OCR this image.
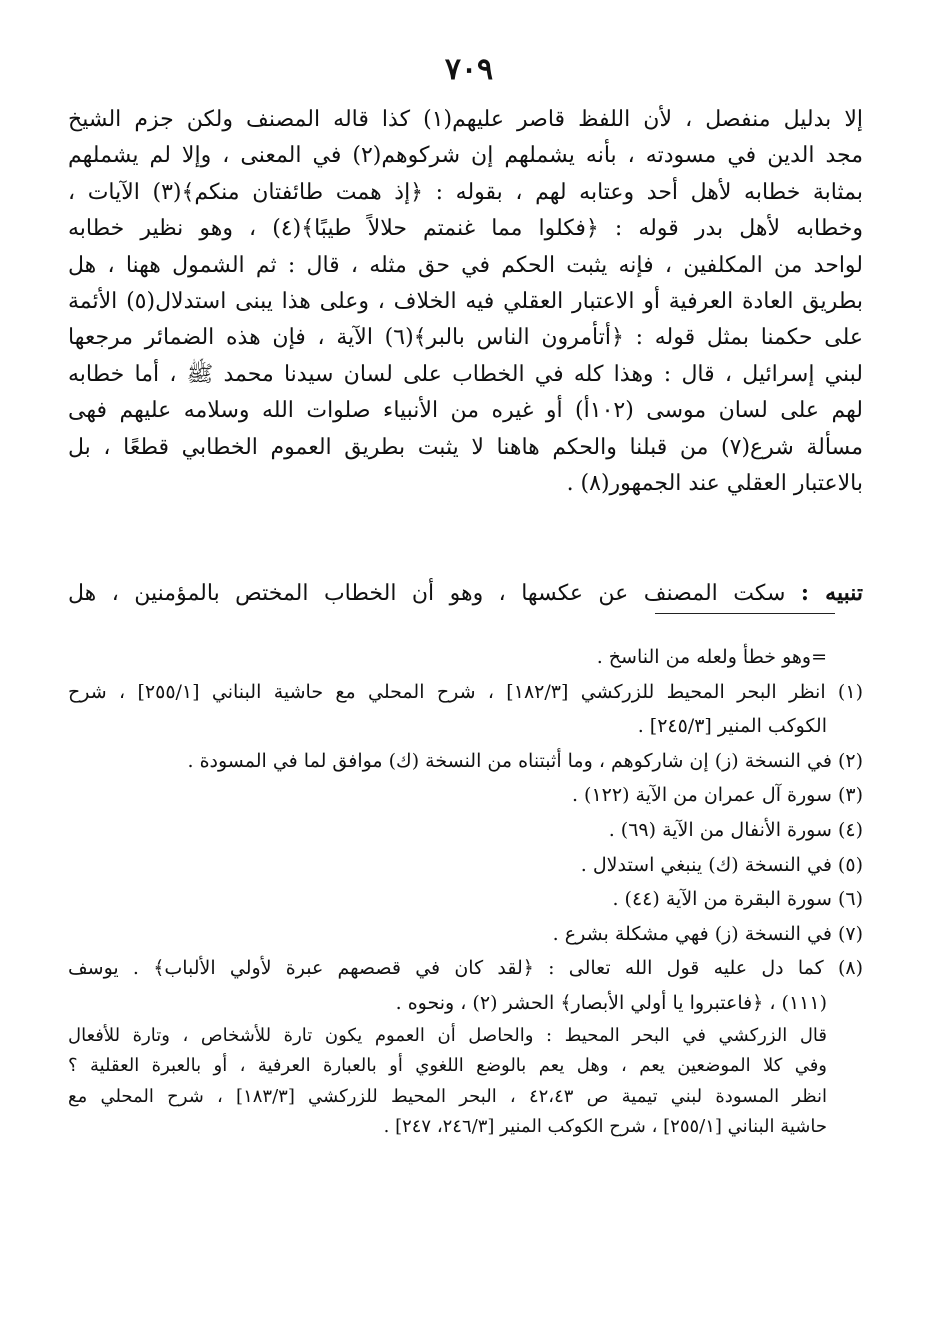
٧٠٩
إلا بدليل منفصل ، لأن اللفظ قاصر عليهم(١) كذا قاله المصنف ولكن جزم الشيخ
مجد الدين في مسودته ، بأنه يشملهم إن شركوهم(٢) في المعنى ، وإلا لم يشملهم
بمثابة خطابه لأهل أحد وعتابه لهم ، بقوله : ﴿إذ همت طائفتان منكم﴾(٣) الآيات ،
وخطابه لأهل بدر قوله : ﴿فكلوا مما غنمتم حلالاً طيبًا﴾(٤) ، وهو نظير خطابه
لواحد من المكلفين ، فإنه يثبت الحكم في حق مثله ، قال : ثم الشمول ههنا ، هل
بطريق العادة العرفية أو الاعتبار العقلي فيه الخلاف ، وعلى هذا يبنى استدلال(٥) الأئمة
على حكمنا بمثل قوله : ﴿أتأمرون الناس بالبر﴾(٦) الآية ، فإن هذه الضمائر مرجعها
لبني إسرائيل ، قال : وهذا كله في الخطاب على لسان سيدنا محمد ﷺ ، أما خطابه
لهم على لسان موسى (١٠٢أ) أو غيره من الأنبياء صلوات الله وسلامه عليهم فهى
مسألة شرع(٧) من قبلنا والحكم هاهنا لا يثبت بطريق العموم الخطابي قطعًا ، بل
بالاعتبار العقلي عند الجمهور(٨) .
تنبيه : سكت المصنف عن عكسها ، وهو أن الخطاب المختص بالمؤمنين ، هل
=وهو خطأ ولعله من الناسخ .
(١) انظر البحر المحيط للزركشي [١٨٢/٣] ، شرح المحلي مع حاشية البناني [٢٥٥/١] ، شرح
الكوكب المنير [٢٤٥/٣] .
(٢) في النسخة (ز) إن شاركوهم ، وما أثبتناه من النسخة (ك) موافق لما في المسودة .
(٣) سورة آل عمران من الآية (١٢٢) .
(٤) سورة الأنفال من الآية (٦٩) .
(٥) في النسخة (ك) ينبغي استدلال .
(٦) سورة البقرة من الآية (٤٤) .
(٧) في النسخة (ز) فهي مشكلة بشرع .
(٨) كما دل عليه قول الله تعالى : ﴿لقد كان في قصصهم عبرة لأولي الألباب﴾ . يوسف
(١١١) ، ﴿فاعتبروا يا أولي الأبصار﴾ الحشر (٢) ، ونحوه .
قال الزركشي في البحر المحيط : والحاصل أن العموم يكون تارة للأشخاص ، وتارة للأفعال
وفي كلا الموضعين يعم ، وهل يعم بالوضع اللغوي أو بالعبارة العرفية ، أو بالعبرة العقلية ؟
انظر المسودة لبني تيمية ص ٤٢،٤٣ ، البحر المحيط للزركشي [١٨٣/٣] ، شرح المحلي مع
حاشية البناني [٢٥٥/١] ، شرح الكوكب المنير [٢٤٦/٣، ٢٤٧] .
